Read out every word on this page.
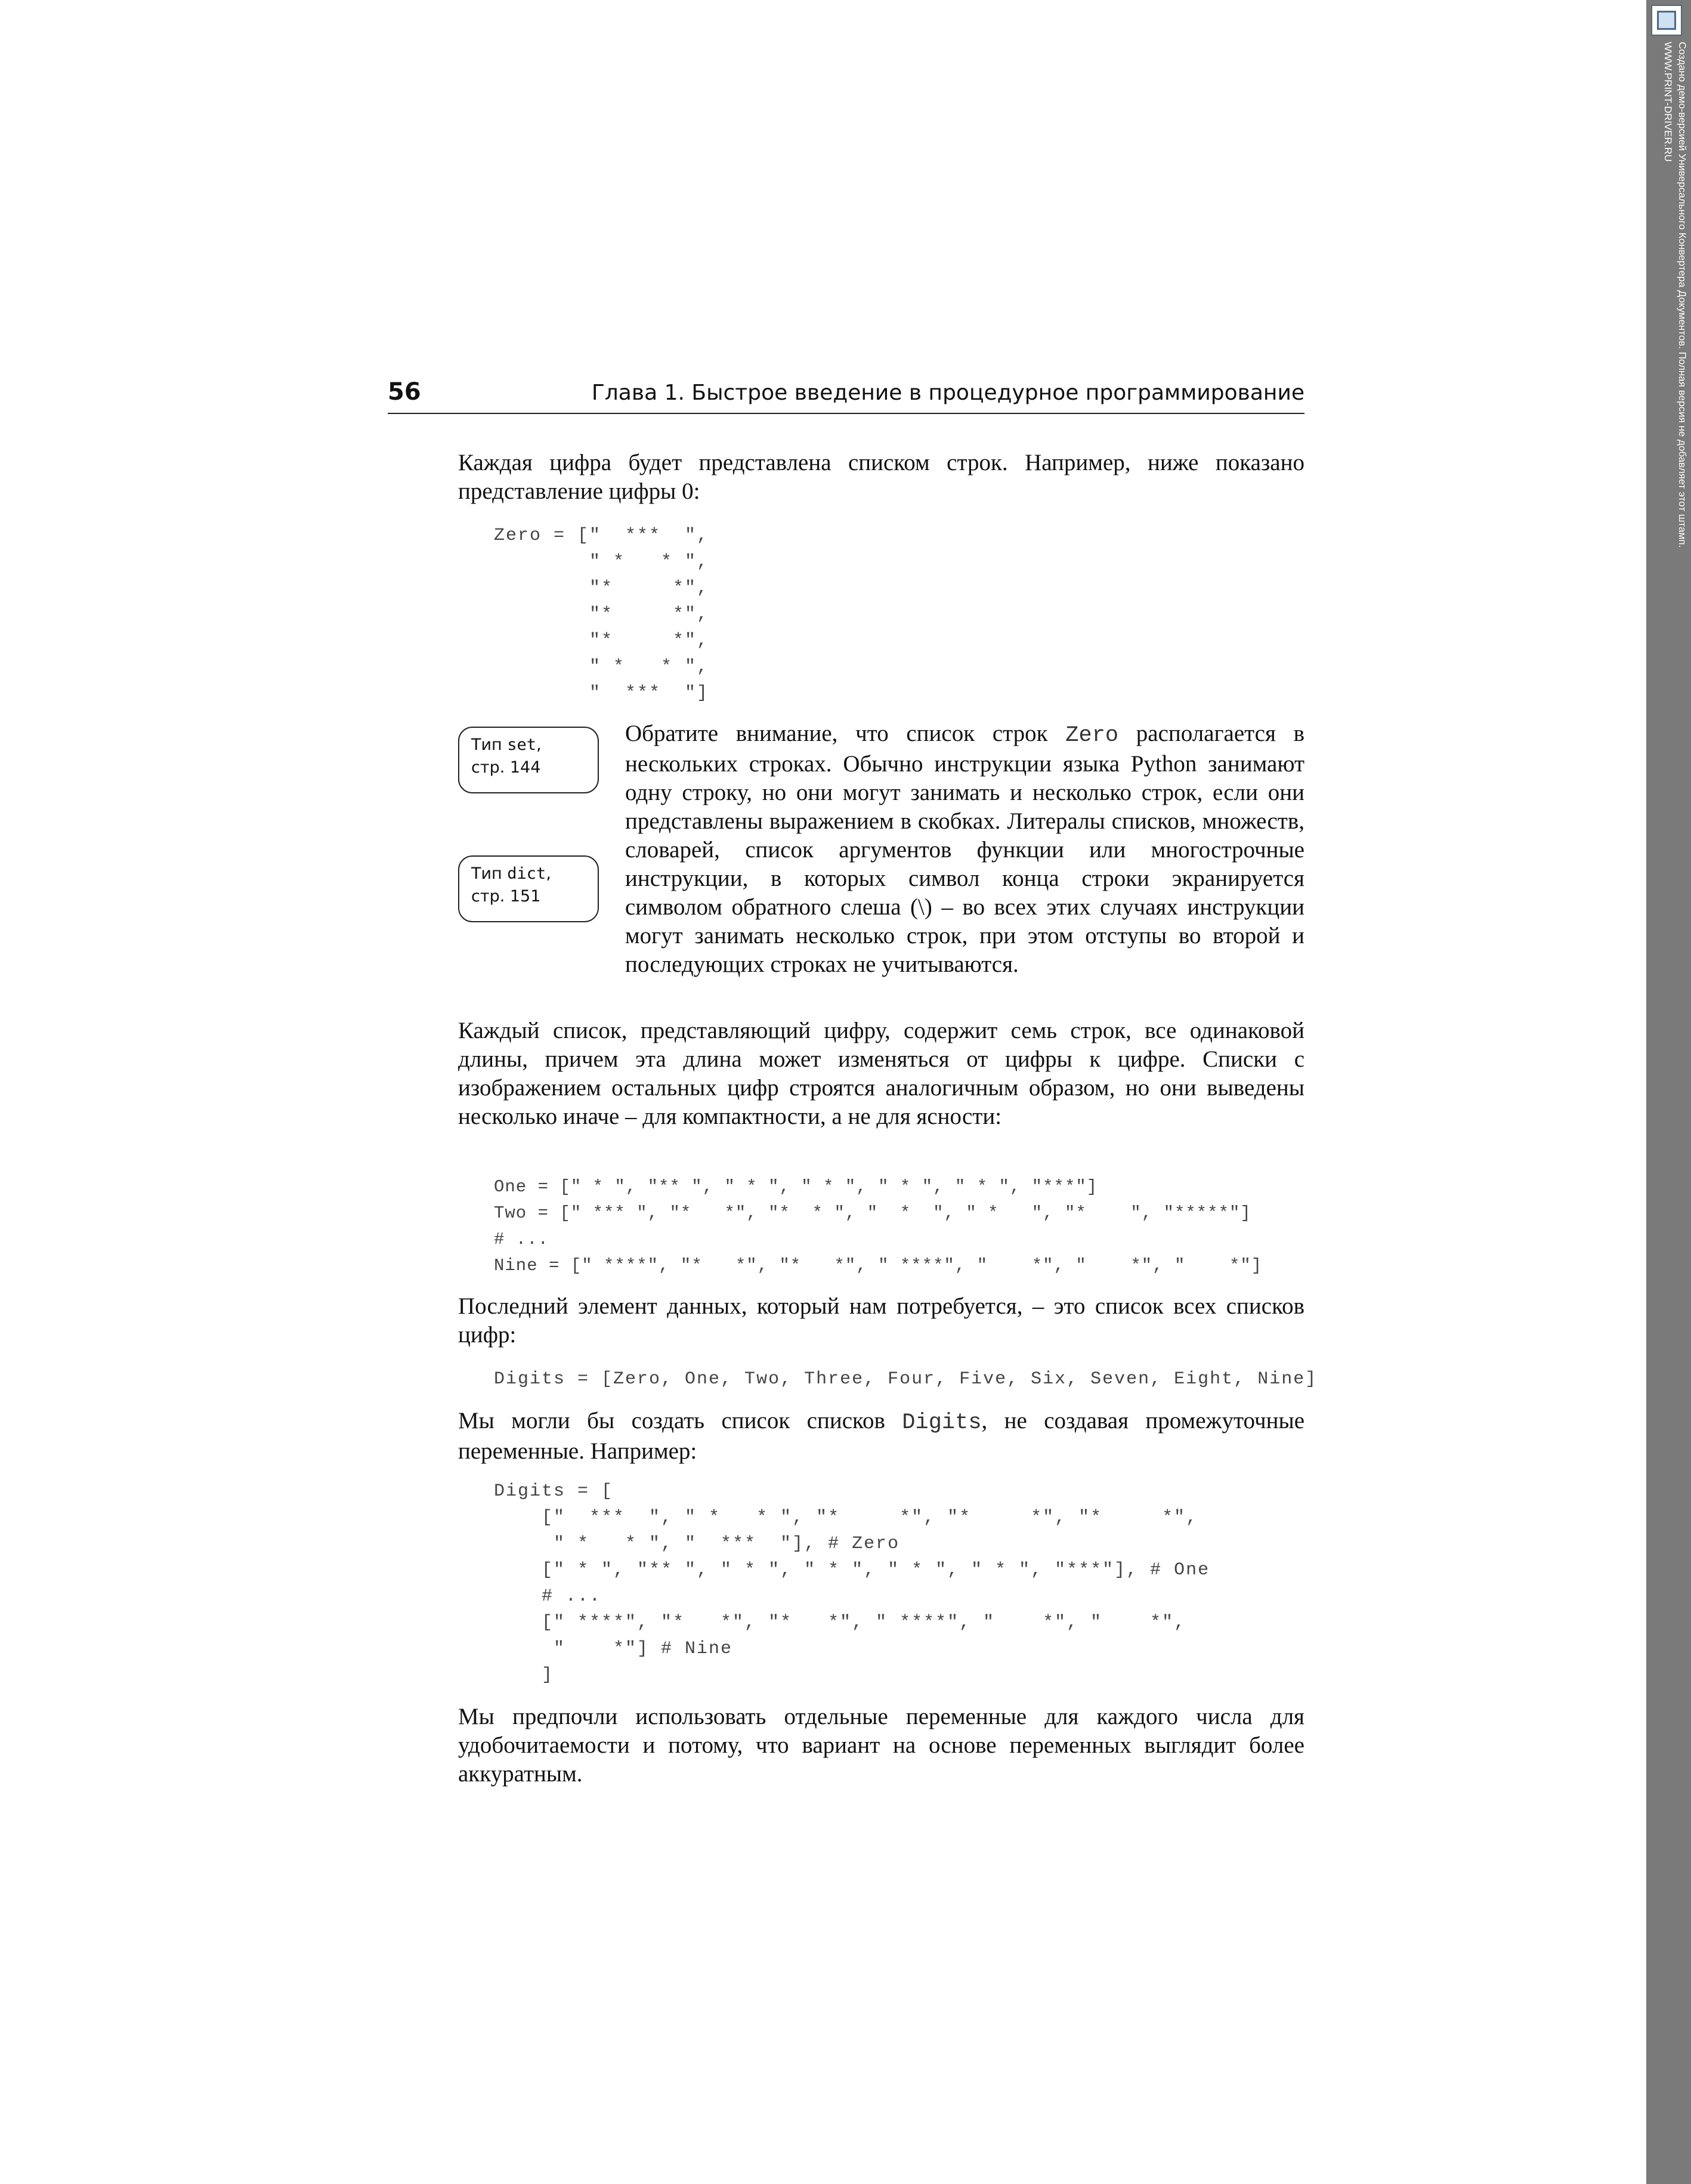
56	Глава 1. Быстрое введение в процедурное программирование

Каждая цифра будет представлена списком строк. Например, ниже показано представление цифры 0:

Zero = ["  ***  ",
" *   * ",
"*     *",
"*     *",
"*     *",
" *   * ",
"  ***  "]
Тип set,
стр. 144
Тип dict,
стр. 151

Обратите внимание, что список строк Zero располагается в нескольких строках. Обычно инструкции языка Python занимают одну строку, но они могут занимать и несколько строк, если они представлены выражением в скобках. Литералы списков, множеств, словарей, список аргументов функции или многострочные инструкции, в которых символ конца строки экранируется символом обратного слеша (\) – во всех этих случаях инструкции могут занимать несколько строк, при этом отступы во второй и последующих строках не учитываются.

Каждый список, представляющий цифру, содержит семь строк, все одинаковой длины, причем эта длина может изменяться от цифры к цифре. Списки с изображением остальных цифр строятся аналогичным образом, но они выведены несколько иначе – для компактности, а не для ясности:

One = [" * ", "** ", " * ", " * ", " * ", " * ", "***"]
Two = [" *** ", "*   *", "*  * ", "  *  ", " *   ", "*    ", "*****"]
# ...
Nine = [" ****", "*   *", "*   *", " ****", "    *", "    *", "    *"]

Последний элемент данных, который нам потребуется, – это список всех списков цифр:

Digits = [Zero, One, Two, Three, Four, Five, Six, Seven, Eight, Nine]

Мы могли бы создать список списков Digits, не создавая промежуточные переменные. Например:

Digits = [
["  ***  ", " *   * ", "*     *", "*     *", "*     *",
" *   * ", "  ***  "], # Zero
[" * ", "** ", " * ", " * ", " * ", " * ", "***"], # One
# ...
[" ****", "*   *", "*   *", " ****", "    *", "    *",
"    *"] # Nine
]

Мы предпочли использовать отдельные переменные для каждого числа для удобочитаемости и потому, что вариант на основе переменных выглядит более аккуратным.

Создано демо-версией Универсального Конвертера Документов. Полная версия не добавляет этот штамп.
WWW.PRINT-DRIVER.RU
